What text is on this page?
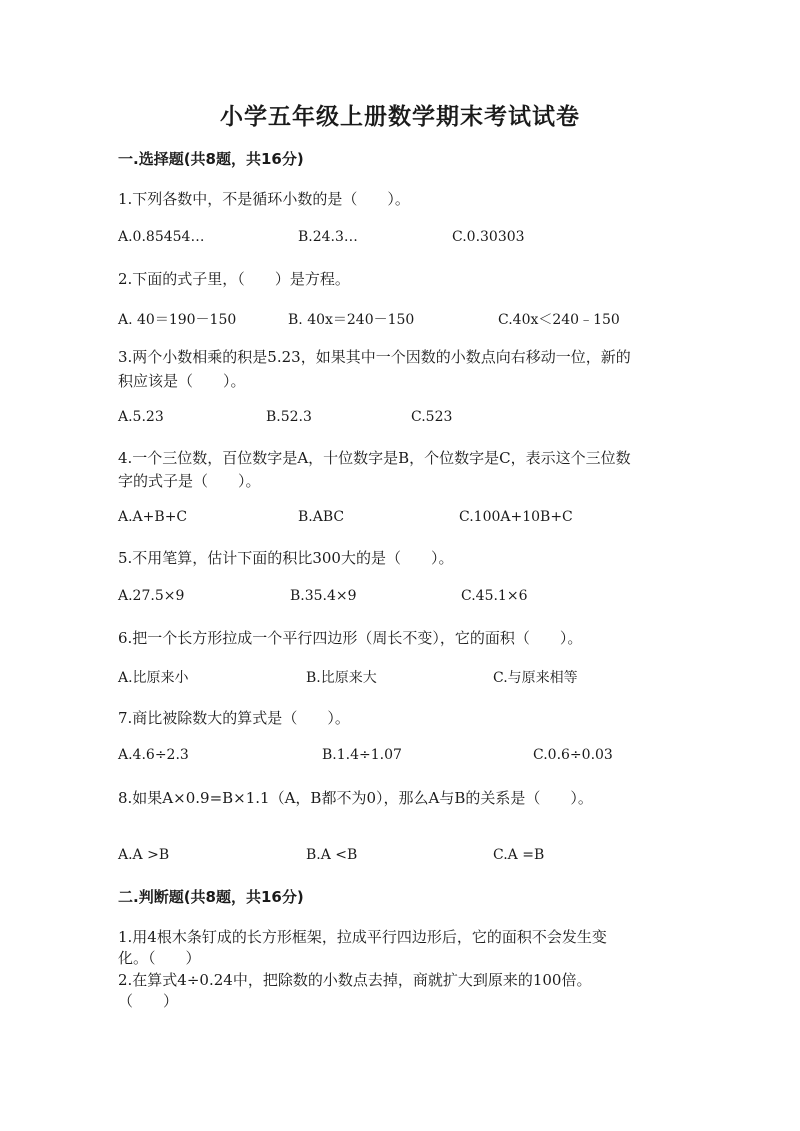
小学五年级上册数学期末考试试卷
一.选择题(共8题，共16分)
1.下列各数中，不是循环小数的是（　　）。
A.0.85454…	B.24.3…	C.0.30303
2.下面的式子里，（　　）是方程。
A. 40＝190－150	B. 40x＝240－150	C.40x＜240﹣150
3.两个小数相乘的积是5.23，如果其中一个因数的小数点向右移动一位，新的
积应该是（　　）。
A.5.23	B.52.3	C.523
4.一个三位数，百位数字是A，十位数字是B，个位数字是C，表示这个三位数
字的式子是（　　）。
A.A+B+C	B.ABC	C.100A+10B+C
5.不用笔算，估计下面的积比300大的是（　　）。
A.27.5×9	B.35.4×9	C.45.1×6
6.把一个长方形拉成一个平行四边形（周长不变），它的面积（　　）。
A.比原来小	B.比原来大	C.与原来相等
7.商比被除数大的算式是（　　）。
A.4.6÷2.3	B.1.4÷1.07	C.0.6÷0.03
8.如果A×0.9=B×1.1（A，B都不为0），那么A与B的关系是（　　）。
A.A >B	B.A <B	C.A =B
二.判断题(共8题，共16分)
1.用4根木条钉成的长方形框架，拉成平行四边形后，它的面积不会发生变
化。（　　）
2.在算式4÷0.24中，把除数的小数点去掉，商就扩大到原来的100倍。
（　　）
